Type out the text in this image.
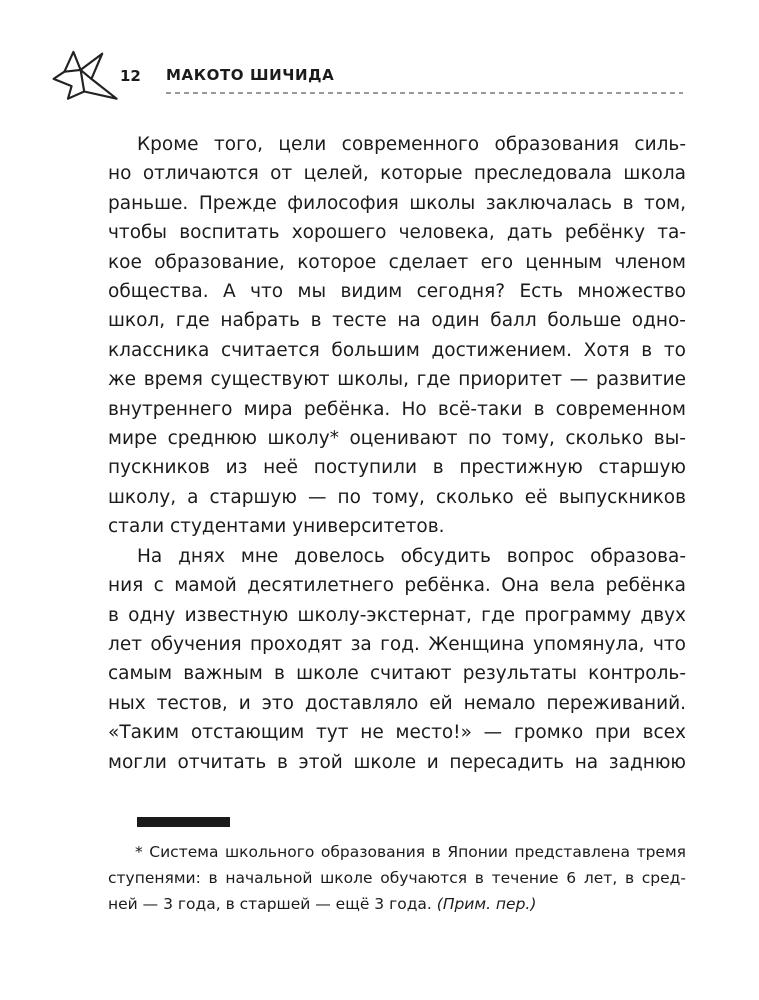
12	МАКОТО ШИЧИДА
Кроме того, цели современного образования силь-
но отличаются от целей, которые преследовала школа
раньше. Прежде философия школы заключалась в том,
чтобы воспитать хорошего человека, дать ребёнку та-
кое образование, которое сделает его ценным членом
общества. А что мы видим сегодня? Есть множество
школ, где набрать в тесте на один балл больше одно-
классника считается большим достижением. Хотя в то
же время существуют школы, где приоритет — развитие
внутреннего мира ребёнка. Но всё-таки в современном
мире среднюю школу* оценивают по тому, сколько вы-
пускников из неё поступили в престижную старшую
школу, а старшую — по тому, сколько её выпускников
стали студентами университетов.
На днях мне довелось обсудить вопрос образова-
ния с мамой десятилетнего ребёнка. Она вела ребёнка
в одну известную школу-экстернат, где программу двух
лет обучения проходят за год. Женщина упомянула, что
самым важным в школе считают результаты контроль-
ных тестов, и это доставляло ей немало переживаний.
«Таким отстающим тут не место!» — громко при всех
могли отчитать в этой школе и пересадить на заднюю
* Система школьного образования в Японии представлена тремя
ступенями: в начальной школе обучаются в течение 6 лет, в сред-
ней — 3 года, в старшей — ещё 3 года. (Прим. пер.)
